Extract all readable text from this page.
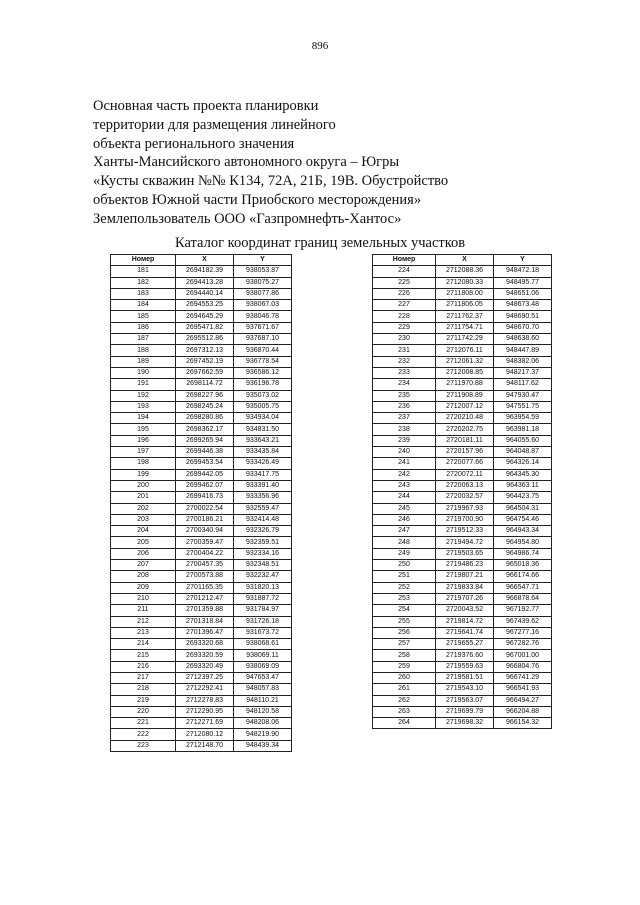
896
Основная часть проекта планировки
территории для размещения линейного
объекта регионального значения
Ханты-Мансийского автономного округа – Югры
«Кусты скважин №№ К134, 72А, 21Б, 19В. Обустройство
объектов Южной части Приобского месторождения»
Землепользователь ООО «Газпромнефть-Хантос»
Каталог координат границ земельных участков
Номер	X	Y
181	2694182.39	938053.87
182	2694413.28	938075.27
183	2694440.14	938077.86
184	2694553.25	938067.03
185	2694645.29	938046.78
186	2695471.82	937671.67
187	2695512.86	937687.10
188	2697312.13	936870.44
189	2697452.19	936778.54
190	2697662.59	936586.12
191	2698114.72	936196.78
192	2698227.96	935073.02
193	2698245.24	935005.75
194	2698280.86	934934.04
195	2698362.17	934831.50
196	2699265.94	933643.21
197	2699446.38	933435.84
198	2699453.54	933426.49
199	2699442.05	933417.75
200	2699462.07	933391.40
201	2699416.73	933356.96
202	2700022.54	932559.47
203	2700186.21	932414.48
204	2700340.94	932326.79
205	2700359.47	932359.51
206	2700404.22	932334.16
207	2700457.35	932348.51
208	2700573.88	932232.47
209	2701165.35	931820.13
210	2701212.47	931887.72
211	2701359.88	931784.97
212	2701318.84	931726.18
213	2701396.47	931673.72
214	2693320.68	938068.61
215	2693320.59	938069.11
216	2693320.49	938069.09
217	2712397.25	947653.47
218	2712292.41	948057.83
219	2712278.83	948110.21
220	2712290.95	948120.58
221	2712271.69	948208.06
222	2712080.12	948219.90
223	2712148.70	948439.34
Номер	X	Y
224	2712088.36	948472.18
225	2712080.33	948495.77
226	2711808.00	948651.06
227	2711806.05	948673.48
228	2711762.37	948690.51
229	2711754.71	948670.70
230	2711742.29	948638.60
231	2712076.11	948447.89
232	2712061.32	948382.06
233	2712008.85	948217.37
234	2711970.88	948117.62
235	2711908.89	947930.47
236	2712007.12	947551.75
237	2720210.48	963954.59
238	2720202.75	963981.18
239	2720181.11	964055.60
240	2720157.96	964048.87
241	2720077.66	964326.14
242	2720072.11	964345.30
243	2720063.13	964363.11
244	2720032.57	964423.75
245	2719967.93	964504.31
246	2719700.90	964754.46
247	2719512.33	964943.34
248	2719494.72	964954.80
249	2719503.65	964986.74
250	2719486.23	965018.36
251	2719807.21	966174.66
252	2719833.84	966547.71
253	2719707.26	966878.64
254	2720043.52	967192.77
255	2719814.72	967439.62
256	2719641.74	967277.16
257	2719655.27	967282.76
258	2719376.60	967001.00
259	2719559.63	966804.76
260	2719581.51	966741.29
261	2719543.10	966541.93
262	2719563.07	966494.27
263	2719699.79	966204.88
264	2719698.32	966154.32
